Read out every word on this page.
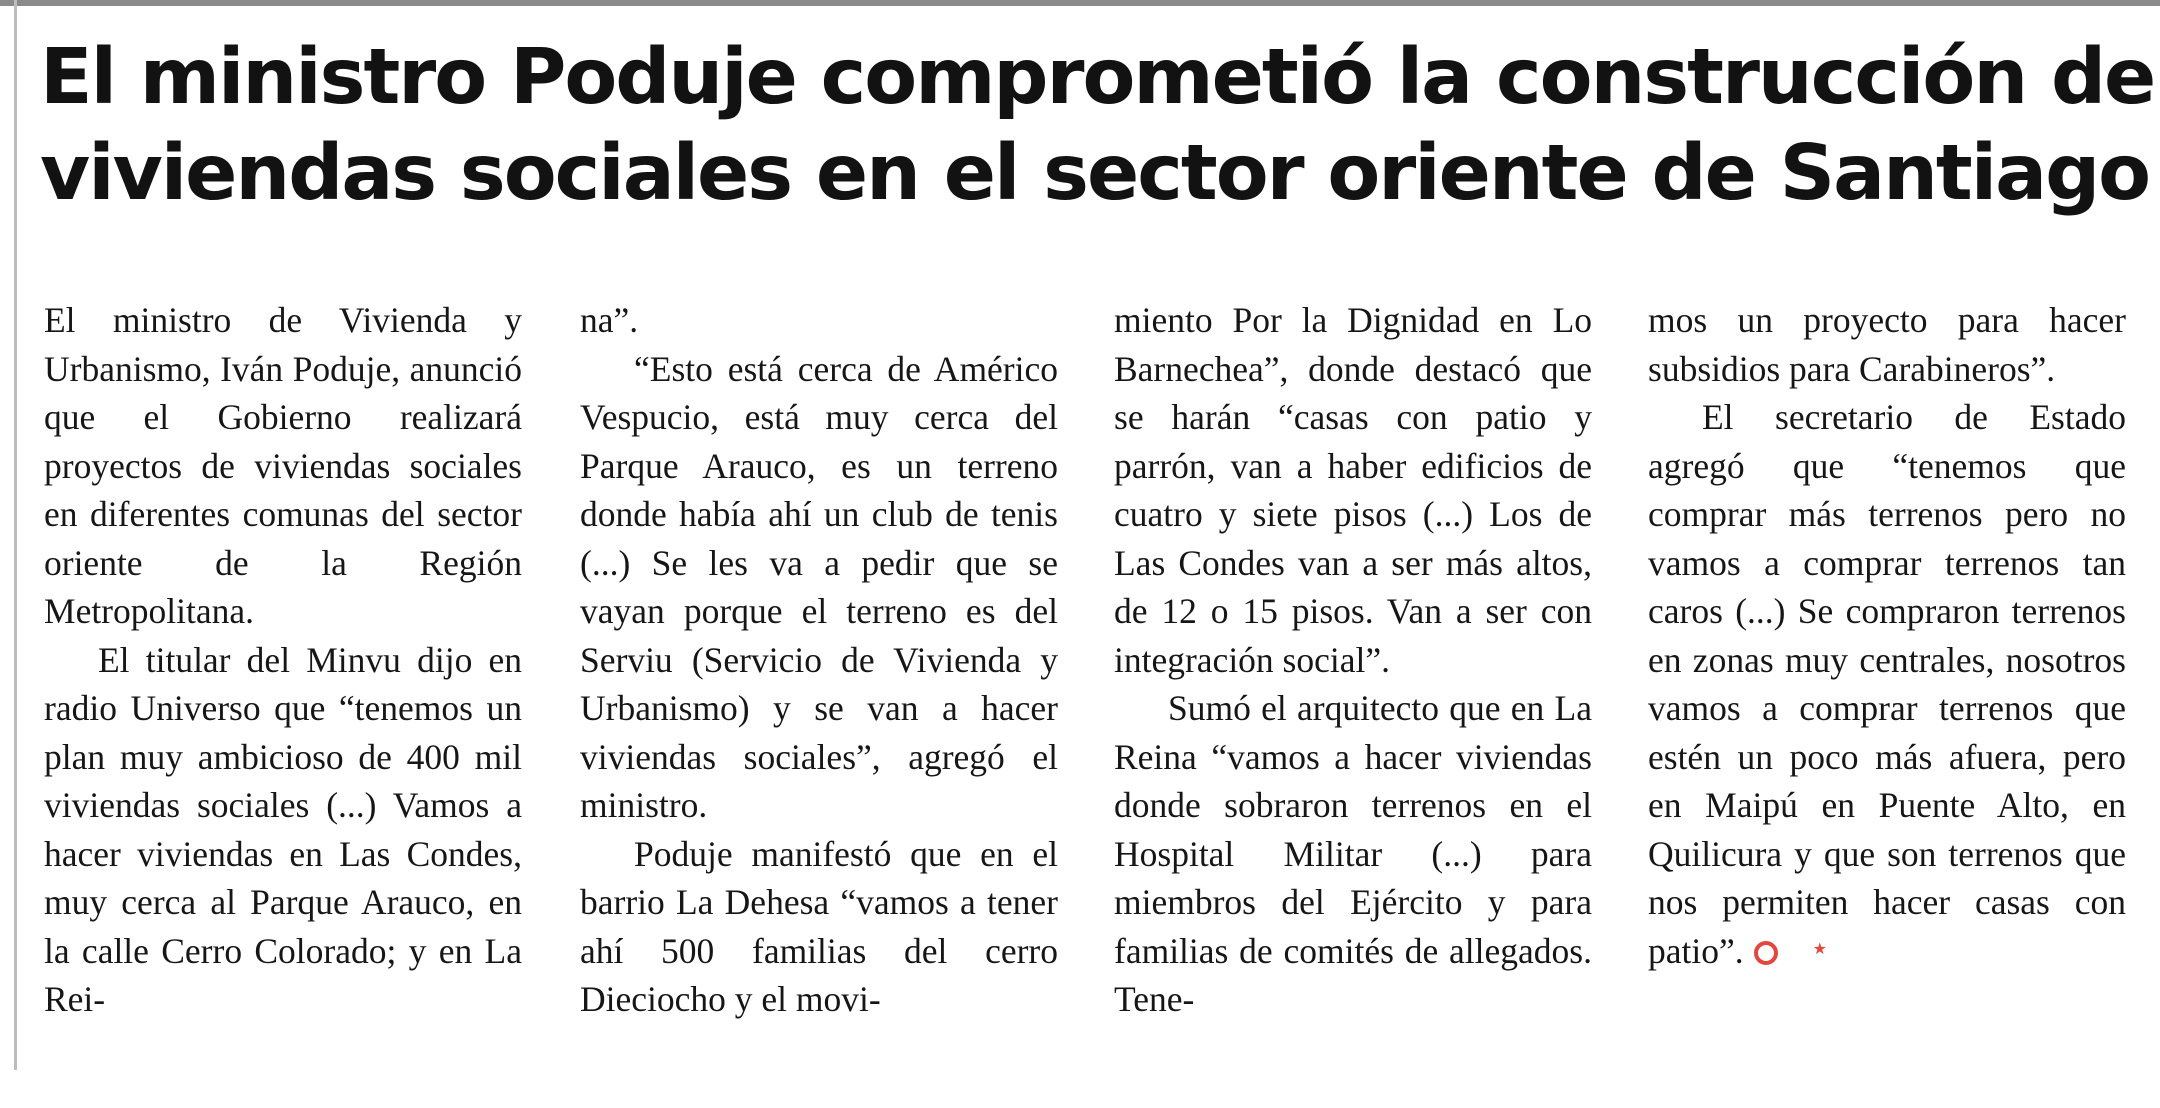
El ministro Poduje comprometió la construcción de
viviendas sociales en el sector oriente de Santiago

El ministro de Vivienda y Urbanismo, Iván Poduje, anunció que el Gobierno realizará proyectos de viviendas sociales en diferentes comunas del sector oriente de la Región Metropolitana.

El titular del Minvu dijo en radio Universo que “tenemos un plan muy ambicioso de 400 mil viviendas sociales (...) Vamos a hacer viviendas en Las Condes, muy cerca al Parque Arauco, en la calle Cerro Colorado; y en La Rei-

na”.

“Esto está cerca de Américo Vespucio, está muy cerca del Parque Arauco, es un terreno donde había ahí un club de tenis (...) Se les va a pedir que se vayan porque el terreno es del Serviu (Servicio de Vivienda y Urbanismo) y se van a hacer viviendas sociales”, agregó el ministro.

Poduje manifestó que en el barrio La Dehesa “vamos a tener ahí 500 familias del cerro Dieciocho y el movi-

miento Por la Dignidad en Lo Barnechea”, donde destacó que se harán “casas con patio y parrón, van a haber edificios de cuatro y siete pisos (...) Los de Las Condes van a ser más altos, de 12 o 15 pisos. Van a ser con integración social”.

Sumó el arquitecto que en La Reina “vamos a hacer viviendas donde sobraron terrenos en el Hospital Militar (...) para miembros del Ejército y para familias de comités de allegados. Tene-

mos un proyecto para hacer subsidios para Carabineros”.

El secretario de Estado agregó que “tenemos que comprar más terrenos pero no vamos a comprar terrenos tan caros (...) Se compraron terrenos en zonas muy centrales, nosotros vamos a comprar terrenos que estén un poco más afuera, pero en Maipú en Puente Alto, en Quilicura y que son terrenos que nos permiten hacer casas con patio”.★
